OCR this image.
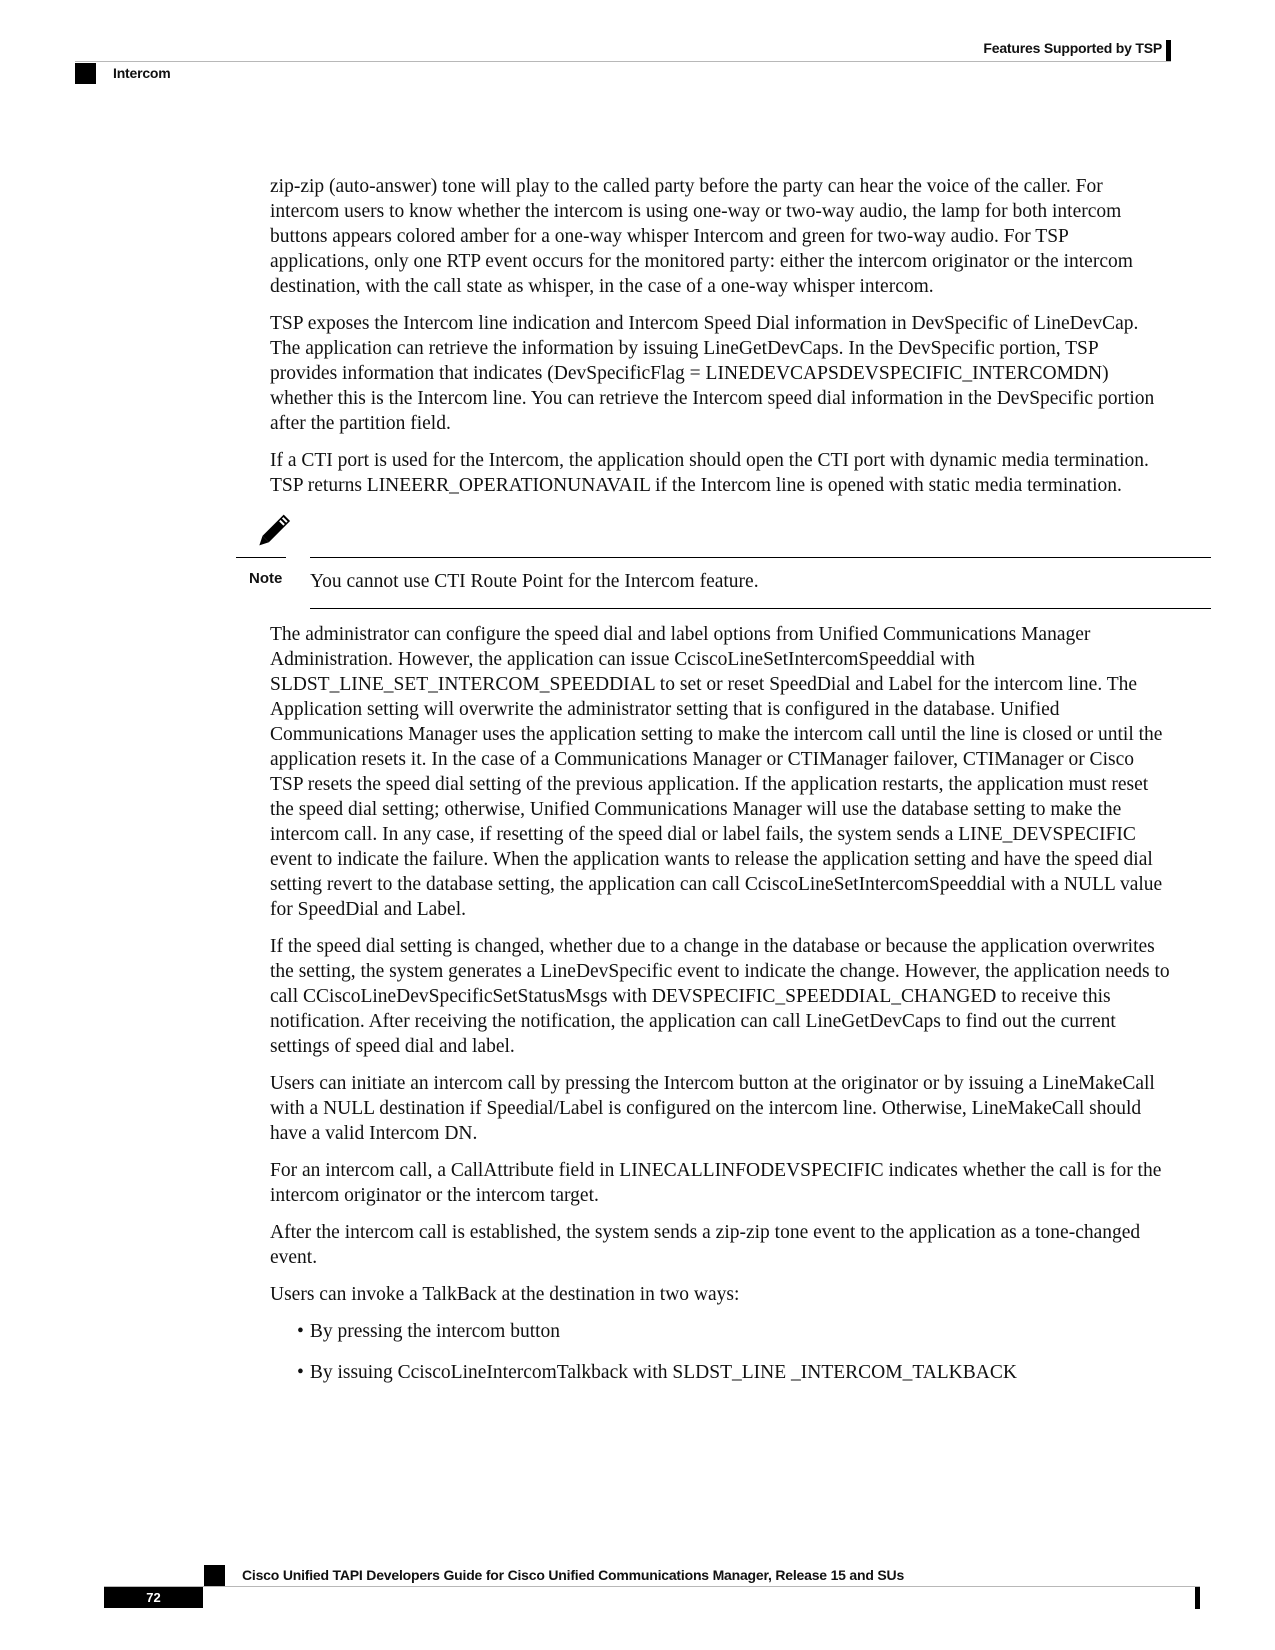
Features Supported by TSP
Intercom

zip-zip (auto-answer) tone will play to the called party before the party can hear the voice of the caller. For intercom users to know whether the intercom is using one-way or two-way audio, the lamp for both intercom buttons appears colored amber for a one-way whisper Intercom and green for two-way audio. For TSP applications, only one RTP event occurs for the monitored party: either the intercom originator or the intercom destination, with the call state as whisper, in the case of a one-way whisper intercom.

TSP exposes the Intercom line indication and Intercom Speed Dial information in DevSpecific of LineDevCap. The application can retrieve the information by issuing LineGetDevCaps. In the DevSpecific portion, TSP provides information that indicates (DevSpecificFlag = LINEDEVCAPSDEVSPECIFIC_INTERCOMDN) whether this is the Intercom line. You can retrieve the Intercom speed dial information in the DevSpecific portion after the partition field.

If a CTI port is used for the Intercom, the application should open the CTI port with dynamic media termination. TSP returns LINEERR_OPERATIONUNAVAIL if the Intercom line is opened with static media termination.

Note You cannot use CTI Route Point for the Intercom feature.

The administrator can configure the speed dial and label options from Unified Communications Manager Administration. However, the application can issue CciscoLineSetIntercomSpeeddial with SLDST_LINE_SET_INTERCOM_SPEEDDIAL to set or reset SpeedDial and Label for the intercom line. The Application setting will overwrite the administrator setting that is configured in the database. Unified Communications Manager uses the application setting to make the intercom call until the line is closed or until the application resets it. In the case of a Communications Manager or CTIManager failover, CTIManager or Cisco TSP resets the speed dial setting of the previous application. If the application restarts, the application must reset the speed dial setting; otherwise, Unified Communications Manager will use the database setting to make the intercom call. In any case, if resetting of the speed dial or label fails, the system sends a LINE_DEVSPECIFIC event to indicate the failure. When the application wants to release the application setting and have the speed dial setting revert to the database setting, the application can call CciscoLineSetIntercomSpeeddial with a NULL value for SpeedDial and Label.

If the speed dial setting is changed, whether due to a change in the database or because the application overwrites the setting, the system generates a LineDevSpecific event to indicate the change. However, the application needs to call CCiscoLineDevSpecificSetStatusMsgs with DEVSPECIFIC_SPEEDDIAL_CHANGED to receive this notification. After receiving the notification, the application can call LineGetDevCaps to find out the current settings of speed dial and label.

Users can initiate an intercom call by pressing the Intercom button at the originator or by issuing a LineMakeCall with a NULL destination if Speedial/Label is configured on the intercom line. Otherwise, LineMakeCall should have a valid Intercom DN.

For an intercom call, a CallAttribute field in LINECALLINFODEVSPECIFIC indicates whether the call is for the intercom originator or the intercom target.

After the intercom call is established, the system sends a zip-zip tone event to the application as a tone-changed event.

Users can invoke a TalkBack at the destination in two ways:

• By pressing the intercom button
• By issuing CciscoLineIntercomTalkback with SLDST_LINE _INTERCOM_TALKBACK
Cisco Unified TAPI Developers Guide for Cisco Unified Communications Manager, Release 15 and SUs
72
